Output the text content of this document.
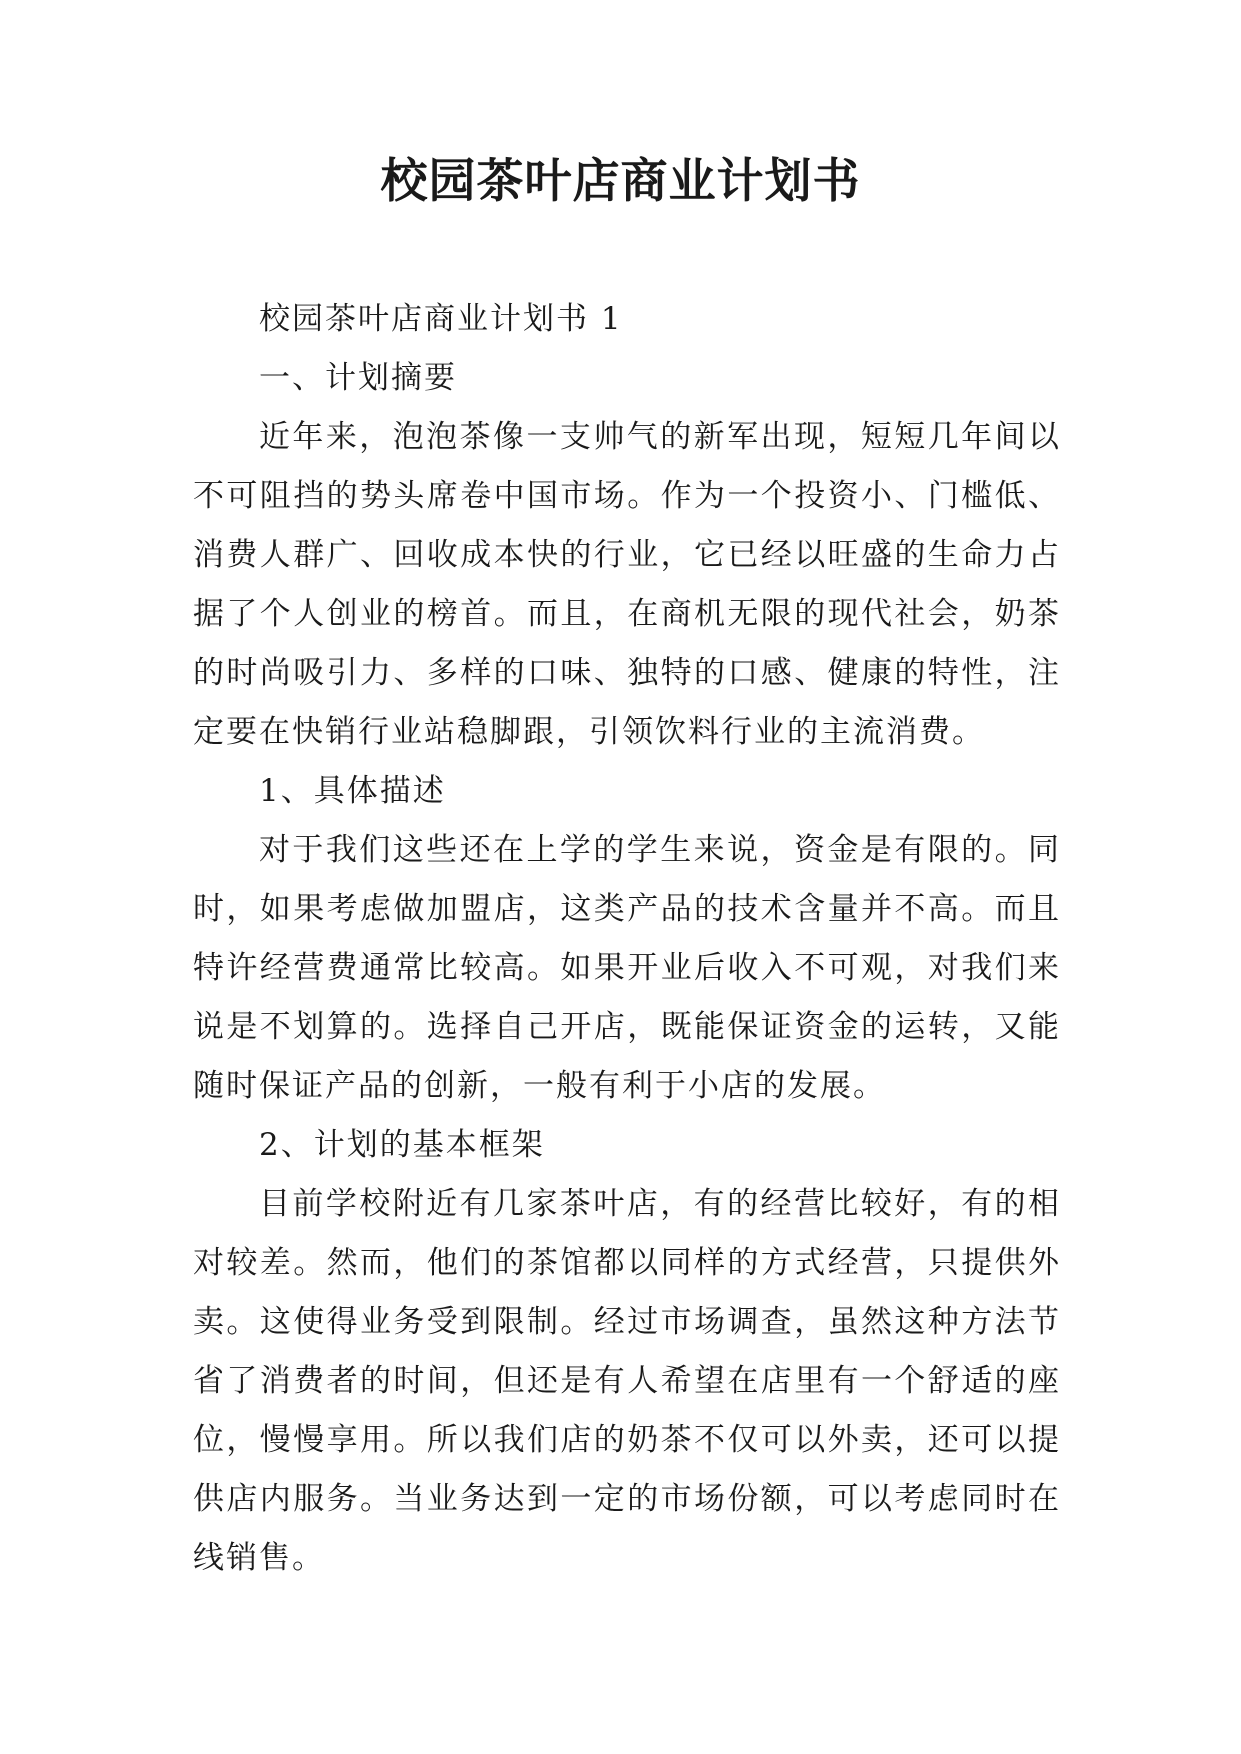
校园茶叶店商业计划书

校园茶叶店商业计划书 1

一、计划摘要

近年来，泡泡茶像一支帅气的新军出现，短短几年间以不可阻挡的势头席卷中国市场。作为一个投资小、门槛低、消费人群广、回收成本快的行业，它已经以旺盛的生命力占据了个人创业的榜首。而且，在商机无限的现代社会，奶茶的时尚吸引力、多样的口味、独特的口感、健康的特性，注定要在快销行业站稳脚跟，引领饮料行业的主流消费。

1、具体描述

对于我们这些还在上学的学生来说，资金是有限的。同时，如果考虑做加盟店，这类产品的技术含量并不高。而且特许经营费通常比较高。如果开业后收入不可观，对我们来说是不划算的。选择自己开店，既能保证资金的运转，又能随时保证产品的创新，一般有利于小店的发展。

2、计划的基本框架

目前学校附近有几家茶叶店，有的经营比较好，有的相对较差。然而，他们的茶馆都以同样的方式经营，只提供外卖。这使得业务受到限制。经过市场调查，虽然这种方法节省了消费者的时间，但还是有人希望在店里有一个舒适的座位，慢慢享用。所以我们店的奶茶不仅可以外卖，还可以提供店内服务。当业务达到一定的市场份额，可以考虑同时在线销售。
